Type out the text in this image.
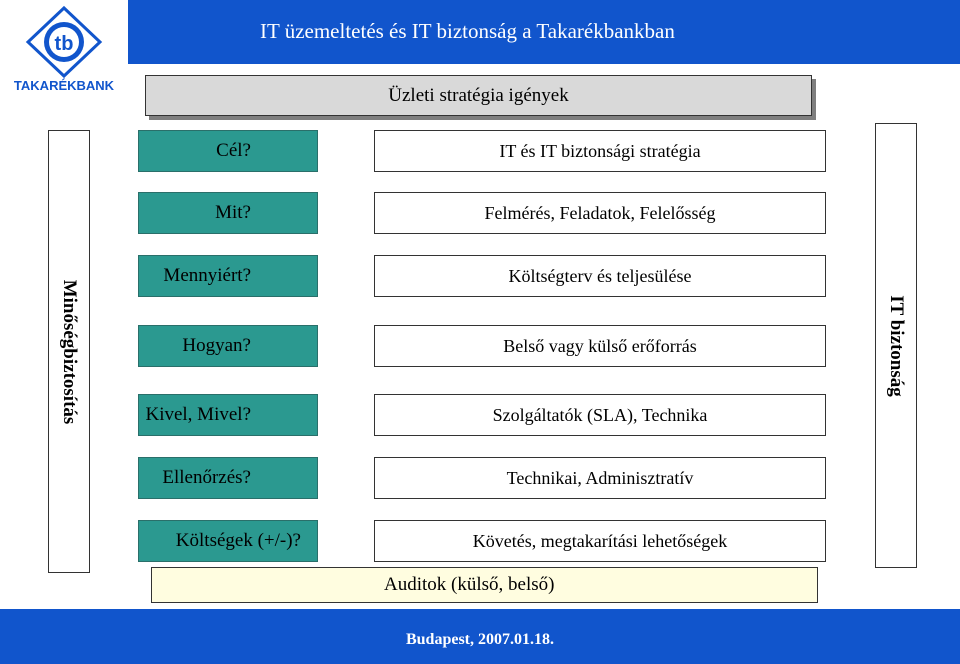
IT üzemeltetés és IT biztonság a Takarékbankban
tb
TAKARÉKBANK	Üzleti stratégia igények
Minőségbiztosítás	IT biztonság
Cél?	IT és IT biztonsági stratégia
Mit?	Felmérés, Feladatok, Felelősség
Mennyiért?	Költségterv és teljesülése
Hogyan?	Belső vagy külső erőforrás
Kivel, Mivel?	Szolgáltatók (SLA), Technika
Ellenőrzés?	Technikai, Adminisztratív
Költségek (+/-)?	Követés, megtakarítási lehetőségek
Auditok (külső, belső)
Budapest, 2007.01.18.
